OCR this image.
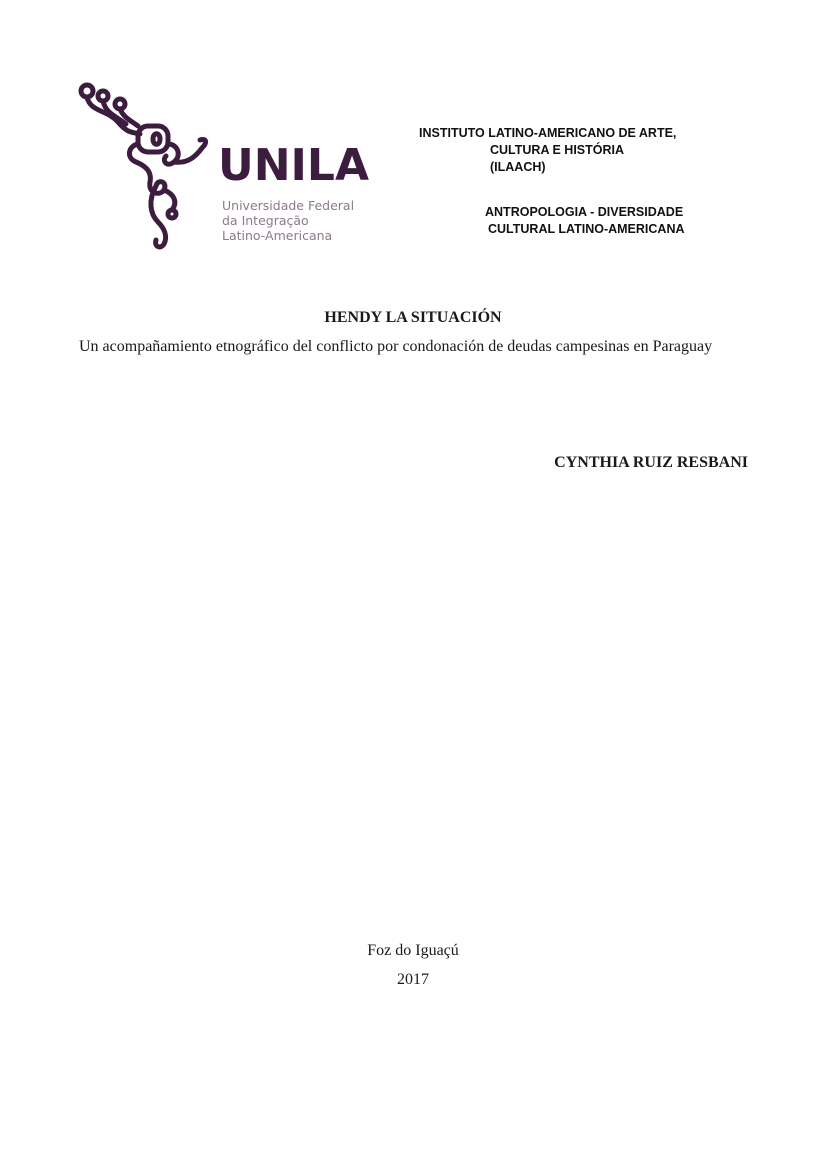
UNILA
Universidade Federal
da Integração
Latino-Americana
INSTITUTO LATINO-AMERICANO DE ARTE,
CULTURA E HISTÓRIA
(ILAACH)
ANTROPOLOGIA - DIVERSIDADE
CULTURAL LATINO-AMERICANA
HENDY LA SITUACIÓN
Un acompañamiento etnográfico del conflicto por condonación de deudas campesinas en Paraguay
CYNTHIA RUIZ RESBANI
Foz do Iguaçú
2017
